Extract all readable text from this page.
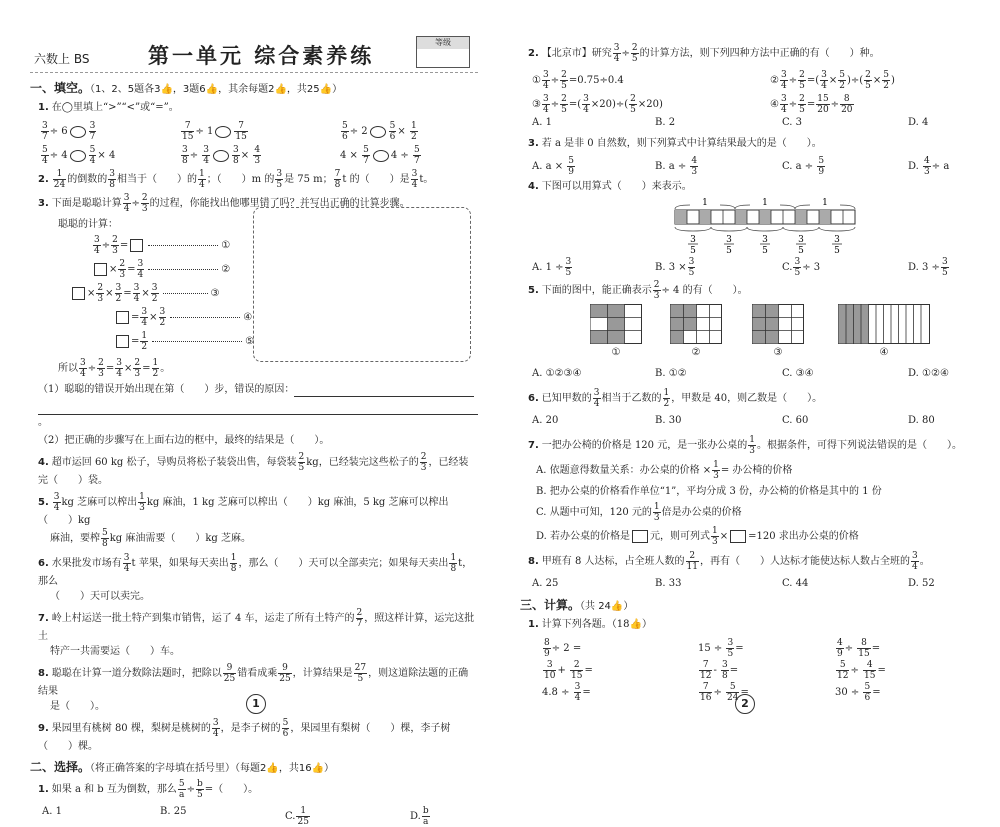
六数上 BS	第一单元 综合素养练
等级
一、填空。（1、2、5题各3👍，3题6👍，其余每题2👍，共25👍）
1. 在◯里填上“>”“<”或“=”。
$\frac{3}{7} \div 6 \frac{3}{7}$	$\frac{7}{15} \div 1 \frac{7}{15}$	$\frac{5}{6} \div 2 \frac{5}{6} \times \frac{1}{2}$
$\frac{5}{4} \div 4 \frac{5}{4} \times 4$	$\frac{3}{8} \div \frac{3}{4} \frac{3}{8} \times \frac{4}{3}$	$4 \times \frac{5}{7} 4 \div \frac{5}{7}$
2. $\frac{1}{24}$ 的倒数的 $\frac{3}{8}$ 相当于（　　）的 $\frac{1}{4}$ ；（　　）m 的 $\frac{3}{5}$ 是 75 m； $\frac{7}{8}$ t 的（　　）是 $\frac{3}{4}$ t。
3. 下面是聪聪计算 $\frac{3}{4} \div \frac{2}{3}$ 的过程，你能找出他哪里错了吗？并写出正确的计算步骤。
聪聪的计算：
$\frac{3}{4} \div \frac{2}{3}$ =	①
× $\frac{2}{3} = \frac{3}{4}$	②
× $\frac{2}{3} \times \frac{3}{2} = \frac{3}{4} \times \frac{3}{2}$	③
= $\frac{3}{4} \times \frac{3}{2}$	④
= $\frac{1}{2}$	⑤
所以 $\frac{3}{4} \div \frac{2}{3} = \frac{3}{4} \times \frac{2}{3} = \frac{1}{2}$ 。
（1）聪聪的错误开始出现在第（　　）步，错误的原因：
。
（2）把正确的步骤写在上面右边的框中，最终的结果是（　　）。
4. 超市运回 60 kg 松子，导购员将松子装袋出售，每袋装 $\frac{2}{5}$ kg，已经装完这些松子的 $\frac{2}{3}$ ，已经装完（　　）袋。
5. $\frac{3}{4}$ kg 芝麻可以榨出 $\frac{1}{3}$ kg 麻油，1 kg 芝麻可以榨出（　　）kg 麻油，5 kg 芝麻可以榨出（　　）kg
麻油，要榨 $\frac{5}{8}$ kg 麻油需要（　　）kg 芝麻。
6. 水果批发市场有 $\frac{3}{4}$ t 苹果，如果每天卖出 $\frac{1}{8}$ ，那么（　　）天可以全部卖完；如果每天卖出 $\frac{1}{8}$ t，那么
（　　）天可以卖完。
7. 岭上村运送一批土特产到集市销售，运了 4 车，运走了所有土特产的 $\frac{2}{7}$ ，照这样计算，运完这批土
特产一共需要运（　　）车。
8. 聪聪在计算一道分数除法题时，把除以 $\frac{9}{25}$ 错看成乘 $\frac{9}{25}$ ，计算结果是 $\frac{27}{5}$ ，则这道除法题的正确结果
是（　　）。
9. 果园里有桃树 80 棵，梨树是桃树的 $\frac{3}{4}$ ，是李子树的 $\frac{5}{6}$ ，果园里有梨树（　　）棵，李子树（　　）棵。
二、选择。（将正确答案的字母填在括号里）（每题2👍，共16👍）
1. 如果 a 和 b 互为倒数，那么 $\frac{5}{a} \div \frac{b}{5}$ =（　　）。
A. 1	B. 25	C. $\frac{1}{25}$	D. $\frac{b}{a}$
1
2. 【北京市】研究 $\frac{3}{4} \div \frac{2}{5}$ 的计算方法，则下列四种方法中正确的有（　　）种。
① $\frac{3}{4} \div \frac{2}{5} =0.75\div 0.4$	② $\frac{3}{4} \div \frac{2}{5}$ =( $\frac{3}{4} \times \frac{5}{2}$ )÷( $\frac{2}{5} \times \frac{5}{2}$ )
③ $\frac{3}{4} \div \frac{2}{5}$ =( $\frac{3}{4} \times 20)\div( \frac{2}{5} \times 20)$	④ $\frac{3}{4} \div \frac{2}{5} = \frac{15}{20} \div \frac{8}{20}$
A. 1	B. 2	C. 3	D. 4
3. 若 a 是非 0 自然数，则下列算式中计算结果最大的是（　　）。
A. $a \times \frac{5}{9}$	B. $a \div \frac{4}{3}$	C. $a \div \frac{5}{9}$	D. $\frac{4}{3} \div a$
4. 下图可以用算式（　　）来表示。
1	1	1
3	3	3	3	3
5	5	5	5	5
A. $1 \div \frac{3}{5}$	B. $3 \times \frac{3}{5}$	C. $\frac{3}{5} \div 3$	D. $3 \div \frac{3}{5}$
5. 下面的图中，能正确表示 $\frac{2}{3} \div 4$ 的有（　　）。
①	②	③	④
A. ①②③④	B. ①②	C. ③④	D. ①②④
6. 已知甲数的 $\frac{3}{4}$ 相当于乙数的 $\frac{1}{2}$ ，甲数是 40，则乙数是（　　）。
A. 20	B. 30	C. 60	D. 80
7. 一把办公椅的价格是 120 元，是一张办公桌的 $\frac{1}{3}$ 。根据条件，可得下列说法错误的是（　　）。
A. 依题意得数量关系：办公桌的价格 × $\frac{1}{3}$ = 办公椅的价格
B. 把办公桌的价格看作单位“1”，平均分成 3 份，办公椅的价格是其中的 1 份
C. 从题中可知，120 元的 $\frac{1}{3}$ 倍是办公桌的价格
D. 若办公桌的价格是 元，则可列式 $\frac{1}{3} \times =120$ 求出办公桌的价格
8. 甲班有 8 人达标，占全班人数的 $\frac{2}{11}$ ，再有（　　）人达标才能使达标人数占全班的 $\frac{3}{4}$ 。
A. 25	B. 33	C. 44	D. 52
三、计算。（共 24👍）
1. 计算下列各题。（18👍）
$\frac{8}{9} \div 2$ =	$15 \div \frac{3}{5}$ =	$\frac{4}{9} \div \frac{8}{15}$ =
$\frac{3}{10} + \frac{2}{15}$ =	$\frac{7}{12} - \frac{3}{8}$ =	$\frac{5}{12} \div \frac{4}{15}$ =
$4.8 \div \frac{3}{4}$ =	$\frac{7}{16} \div \frac{5}{24}$ =	$30 \div \frac{5}{6}$ =
2
